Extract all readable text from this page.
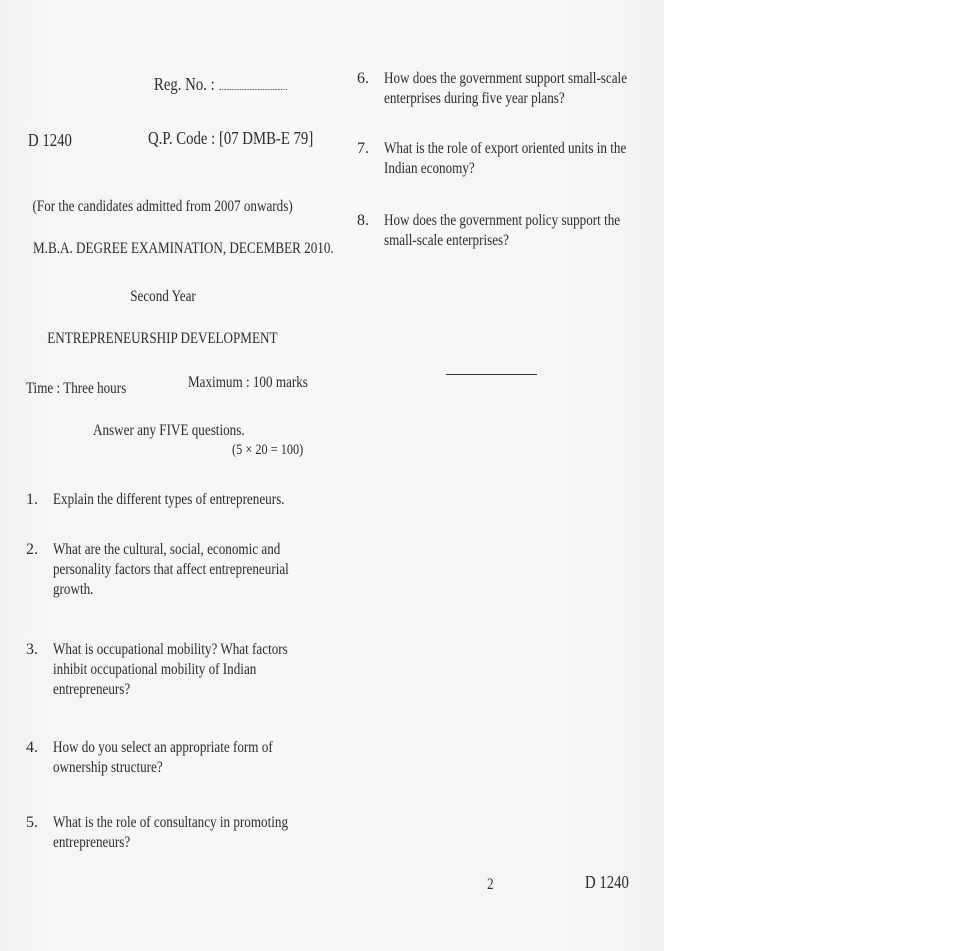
Reg. No. :
D 1240	Q.P. Code : [07 DMB-E 79]
(For the candidates admitted from 2007 onwards)
M.B.A. DEGREE EXAMINATION, DECEMBER 2010.
Second Year
ENTREPRENEURSHIP DEVELOPMENT
Time : Three hours	Maximum : 100 marks
Answer any FIVE questions.
(5 × 20 = 100)
1. Explain the different types of entrepreneurs.
2. What are the cultural, social, economic and
personality factors that affect entrepreneurial
growth.
3. What is occupational mobility? What factors
inhibit occupational mobility of Indian
entrepreneurs?
4. How do you select an appropriate form of
ownership structure?
5. What is the role of consultancy in promoting
entrepreneurs?
6. How does the government support small-scale
enterprises during five year plans?
7. What is the role of export oriented units in the
Indian economy?
8. How does the government policy support the
small-scale enterprises?
2	D 1240
